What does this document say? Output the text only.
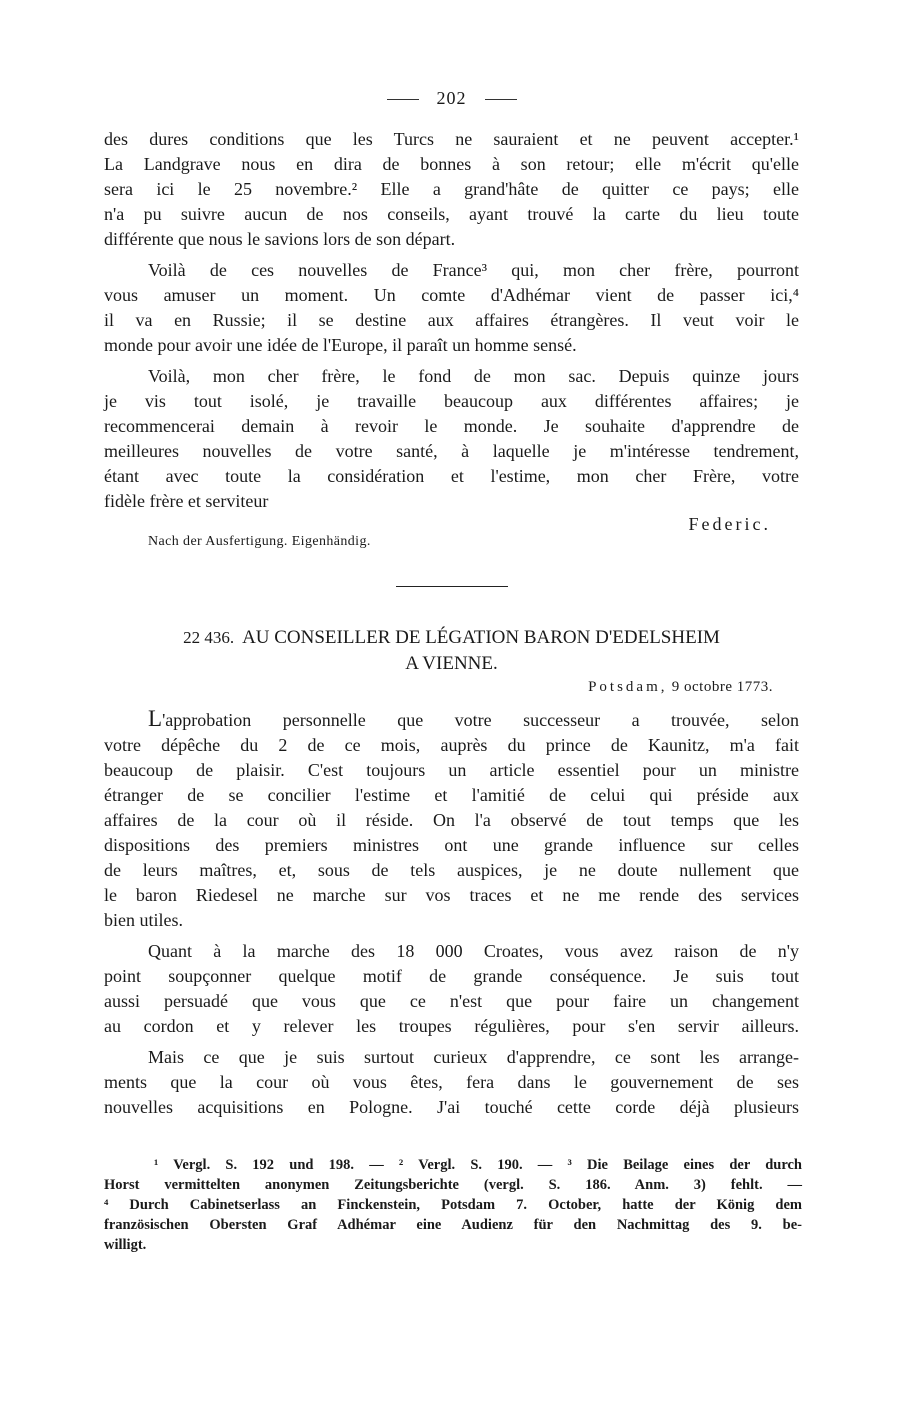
202
des dures conditions que les Turcs ne sauraient et ne peuvent accepter.¹
La Landgrave nous en dira de bonnes à son retour; elle m'écrit qu'elle
sera ici le 25 novembre.² Elle a grand'hâte de quitter ce pays; elle
n'a pu suivre aucun de nos conseils, ayant trouvé la carte du lieu toute
différente que nous le savions lors de son départ.
Voilà de ces nouvelles de France³ qui, mon cher frère, pourront
vous amuser un moment. Un comte d'Adhémar vient de passer ici,⁴
il va en Russie; il se destine aux affaires étrangères. Il veut voir le
monde pour avoir une idée de l'Europe, il paraît un homme sensé.
Voilà, mon cher frère, le fond de mon sac. Depuis quinze jours
je vis tout isolé, je travaille beaucoup aux différentes affaires; je
recommencerai demain à revoir le monde. Je souhaite d'apprendre de
meilleures nouvelles de votre santé, à laquelle je m'intéresse tendrement,
étant avec toute la considération et l'estime, mon cher Frère, votre
fidèle frère et serviteur
Federic.
Nach der Ausfertigung. Eigenhändig.
22 436. AU CONSEILLER DE LÉGATION BARON D'EDELSHEIM
A VIENNE.
Potsdam, 9 octobre 1773.
L'approbation personnelle que votre successeur a trouvée, selon
votre dépêche du 2 de ce mois, auprès du prince de Kaunitz, m'a fait
beaucoup de plaisir. C'est toujours un article essentiel pour un ministre
étranger de se concilier l'estime et l'amitié de celui qui préside aux
affaires de la cour où il réside. On l'a observé de tout temps que les
dispositions des premiers ministres ont une grande influence sur celles
de leurs maîtres, et, sous de tels auspices, je ne doute nullement que
le baron Riedesel ne marche sur vos traces et ne me rende des services
bien utiles.
Quant à la marche des 18 000 Croates, vous avez raison de n'y
point soupçonner quelque motif de grande conséquence. Je suis tout
aussi persuadé que vous que ce n'est que pour faire un changement
au cordon et y relever les troupes régulières, pour s'en servir ailleurs.
Mais ce que je suis surtout curieux d'apprendre, ce sont les arrange-
ments que la cour où vous êtes, fera dans le gouvernement de ses
nouvelles acquisitions en Pologne. J'ai touché cette corde déjà plusieurs
¹ Vergl. S. 192 und 198. — ² Vergl. S. 190. — ³ Die Beilage eines der durch
Horst vermittelten anonymen Zeitungsberichte (vergl. S. 186. Anm. 3) fehlt. —
⁴ Durch Cabinetserlass an Finckenstein, Potsdam 7. October, hatte der König dem
französischen Obersten Graf Adhémar eine Audienz für den Nachmittag des 9. be-
willigt.
